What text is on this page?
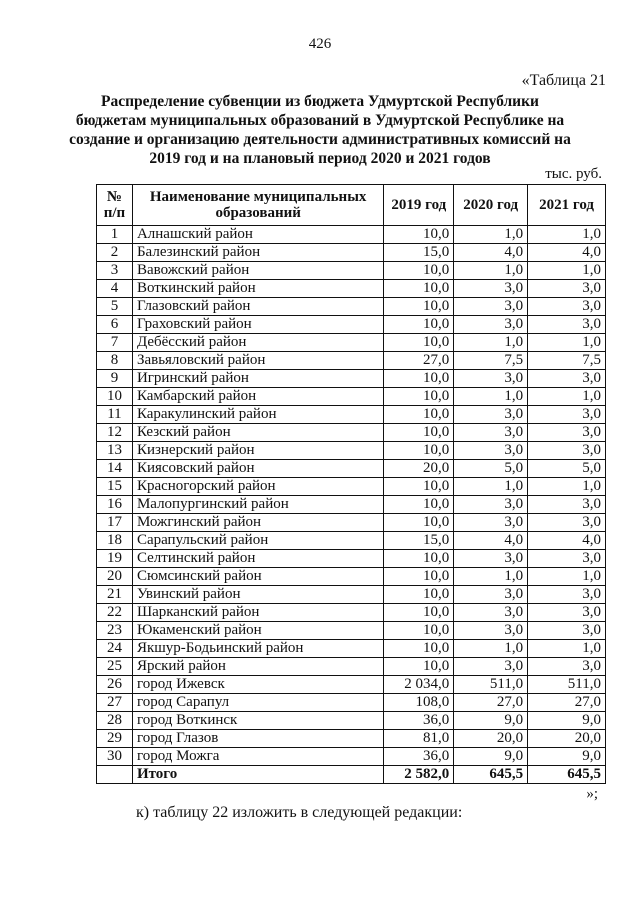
426
«Таблица 21
Распределение субвенции из бюджета Удмуртской Республики
бюджетам муниципальных образований в Удмуртской Республике на
создание и организацию деятельности административных комиссий на
2019 год и на плановый период 2020 и 2021 годов
тыс. руб.
№ п/п	Наименование муниципальных образований	2019 год	2020 год	2021 год
1	Алнашский район	10,0	1,0	1,0
2	Балезинский район	15,0	4,0	4,0
3	Вавожский район	10,0	1,0	1,0
4	Воткинский район	10,0	3,0	3,0
5	Глазовский район	10,0	3,0	3,0
6	Граховский район	10,0	3,0	3,0
7	Дебёсский район	10,0	1,0	1,0
8	Завьяловский район	27,0	7,5	7,5
9	Игринский район	10,0	3,0	3,0
10	Камбарский район	10,0	1,0	1,0
11	Каракулинский район	10,0	3,0	3,0
12	Кезский район	10,0	3,0	3,0
13	Кизнерский район	10,0	3,0	3,0
14	Киясовский район	20,0	5,0	5,0
15	Красногорский район	10,0	1,0	1,0
16	Малопургинский район	10,0	3,0	3,0
17	Можгинский район	10,0	3,0	3,0
18	Сарапульский район	15,0	4,0	4,0
19	Селтинский район	10,0	3,0	3,0
20	Сюмсинский район	10,0	1,0	1,0
21	Увинский район	10,0	3,0	3,0
22	Шарканский район	10,0	3,0	3,0
23	Юкаменский район	10,0	3,0	3,0
24	Якшур-Бодьинский район	10,0	1,0	1,0
25	Ярский район	10,0	3,0	3,0
26	город Ижевск	2 034,0	511,0	511,0
27	город Сарапул	108,0	27,0	27,0
28	город Воткинск	36,0	9,0	9,0
29	город Глазов	81,0	20,0	20,0
30	город Можга	36,0	9,0	9,0
	Итого	2 582,0	645,5	645,5
»;
к) таблицу 22 изложить в следующей редакции:
